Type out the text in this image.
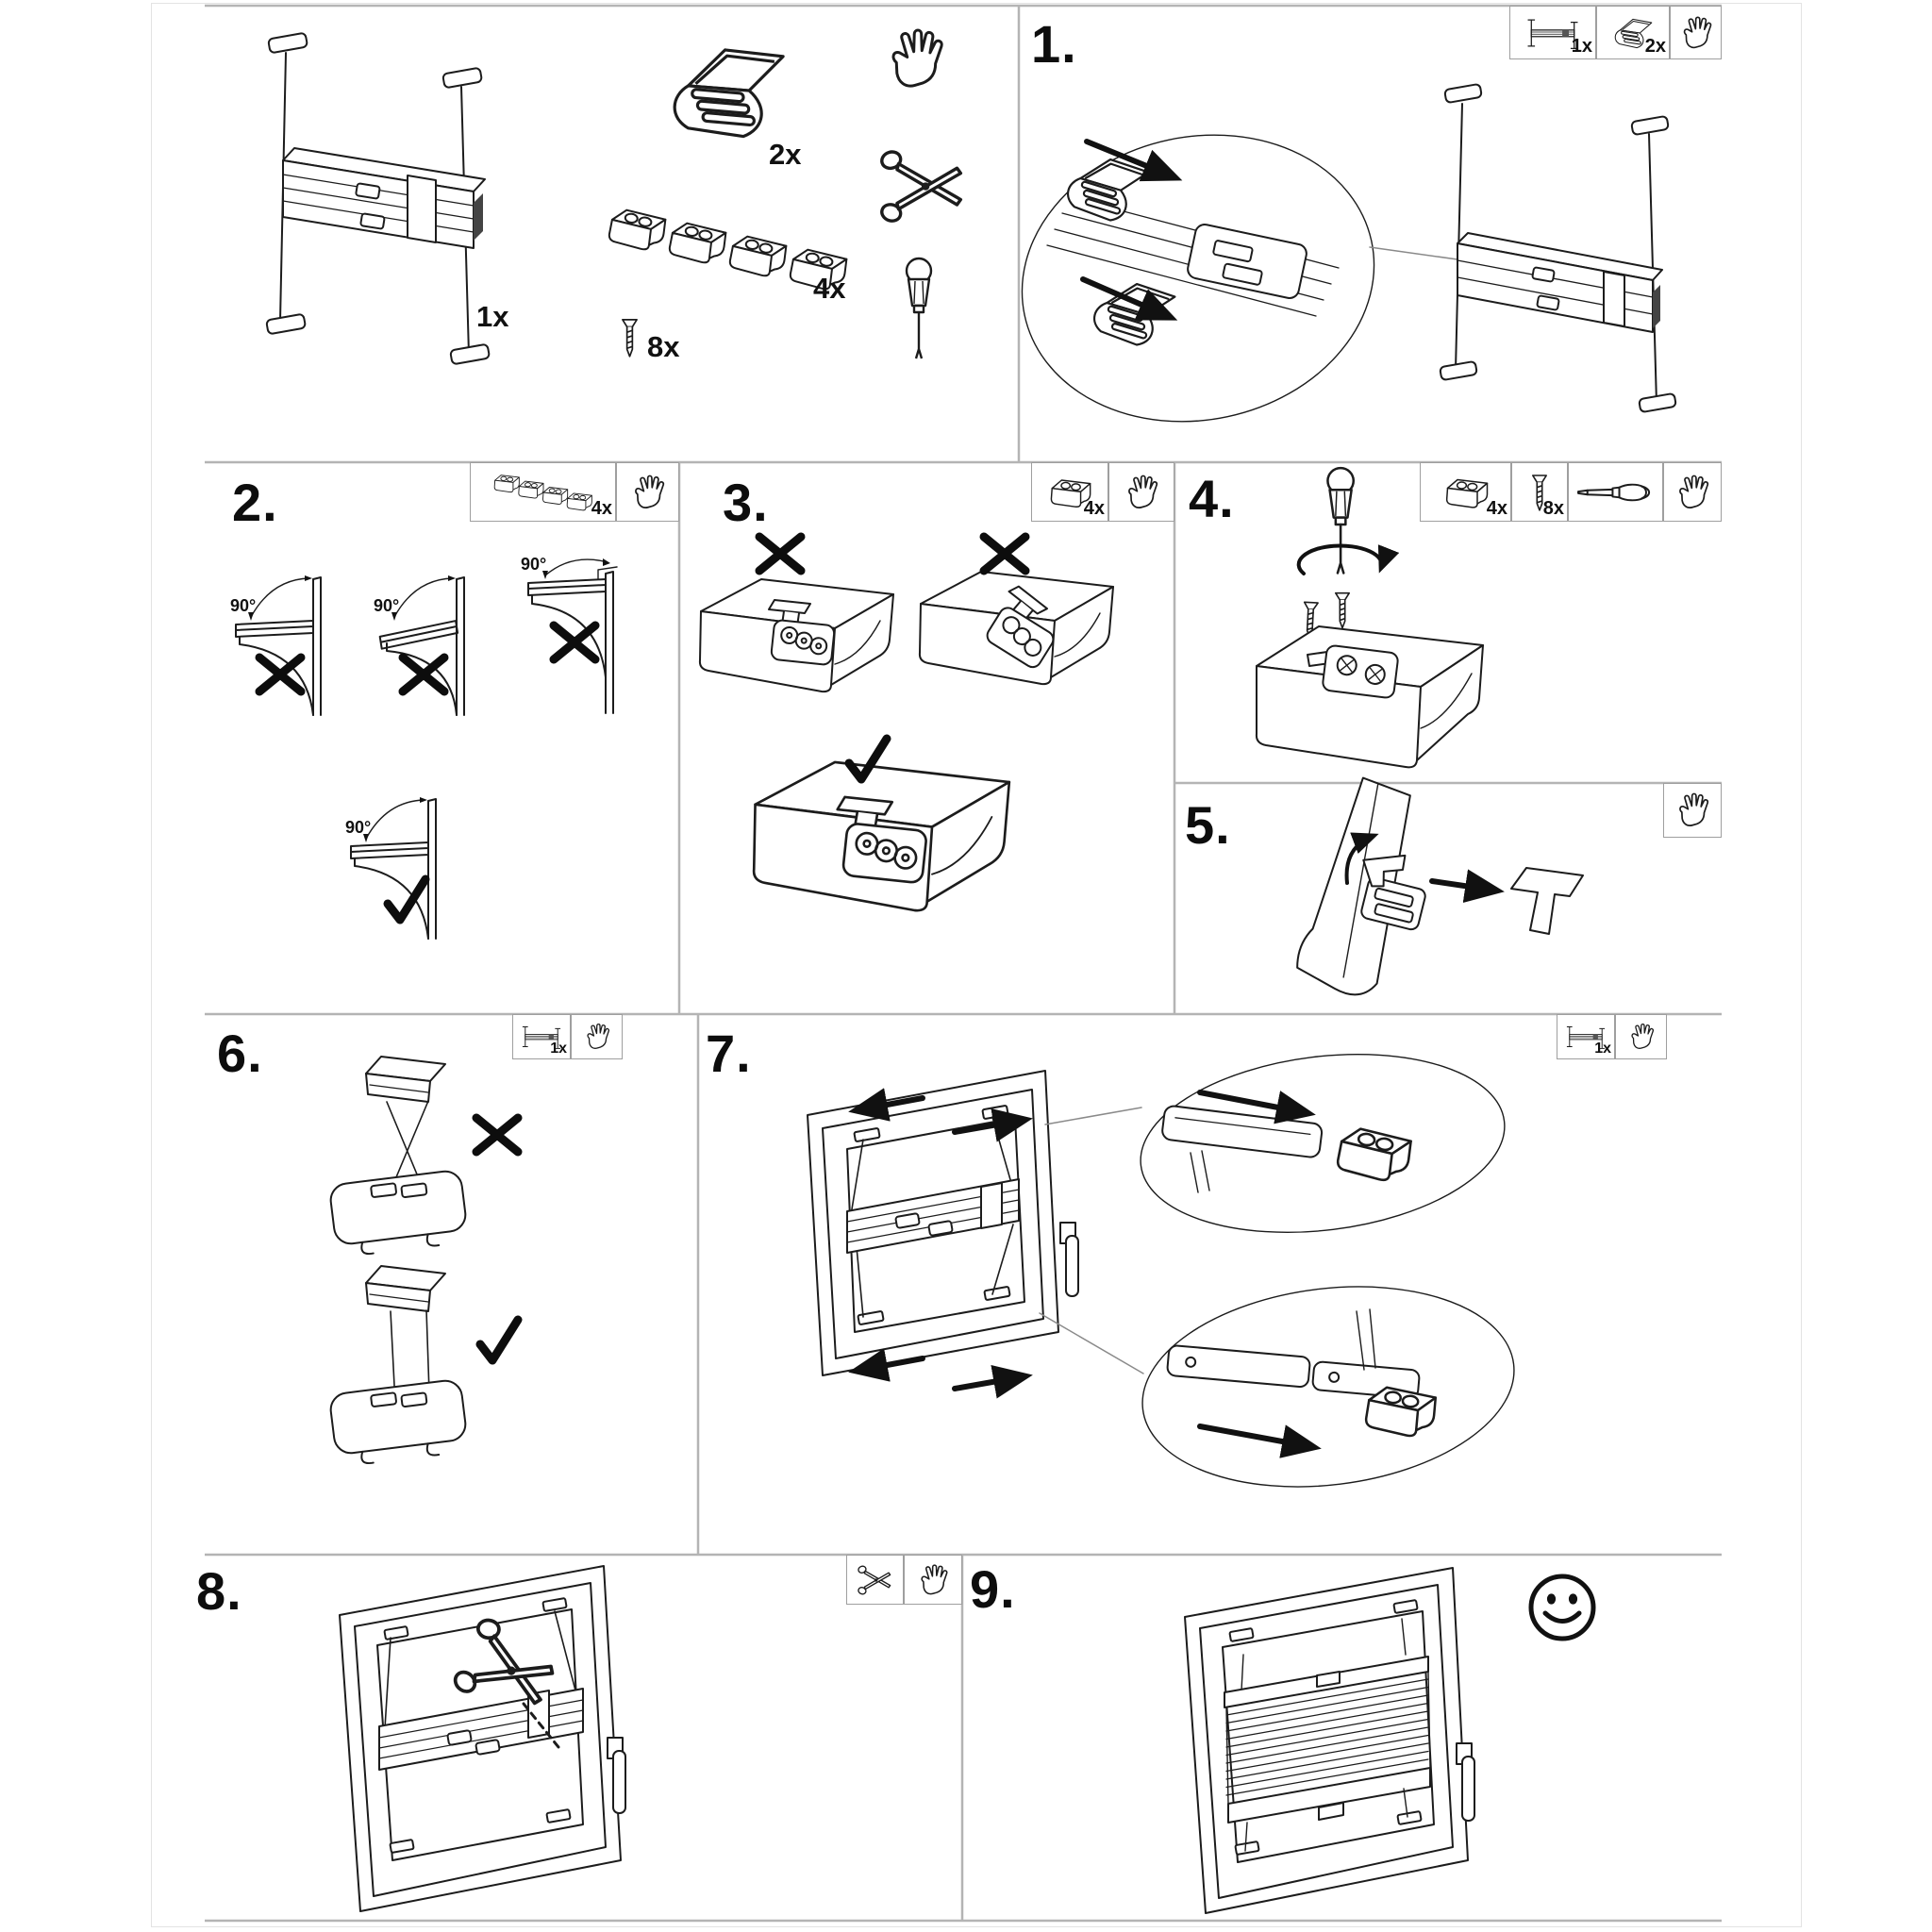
90°	90°
90°
90°
1x
2x
4x
8x
1.	1x	2x
2.	4x 3.	4x 4.	4x 8x
5.
6.	1x	7.	1x
8.	9.
